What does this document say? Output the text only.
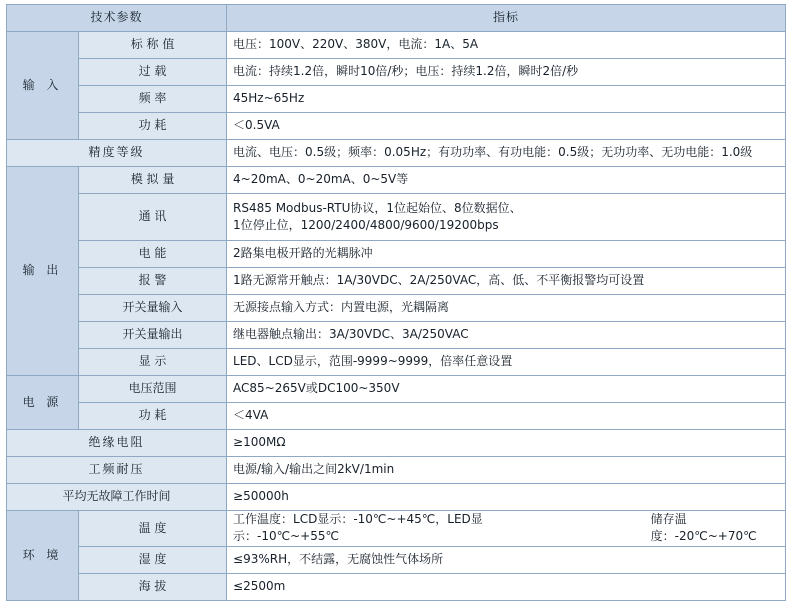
技术参数		指标
输 入	标 称 值	电压：100V、220V、380V，电流：1A、5A
	过 载	电流：持续1.2倍，瞬时10倍/秒；电压：持续1.2倍，瞬时2倍/秒
	频 率	45Hz~65Hz
	功 耗	＜0.5VA
精度等级		电流、电压：0.5级；频率：0.05Hz；有功功率、有功电能：0.5级；无功功率、无功电能：1.0级
输 出	模 拟 量	4~20mA、0~20mA、0~5V等
	通 讯	RS485 Modbus-RTU协议，1位起始位、8位数据位、
1位停止位，1200/2400/4800/9600/19200bps

	电 能	2路集电极开路的光耦脉冲
	报 警	1路无源常开触点：1A/30VDC、2A/250VAC，高、低、不平衡报警均可设置
	开关量输入	无源接点输入方式：内置电源，光耦隔离
	开关量输出	继电器触点输出：3A/30VDC、3A/250VAC
	显 示	LED、LCD显示，范围-9999~9999，倍率任意设置
电 源	电压范围	AC85~265V或DC100~350V
	功 耗	＜4VA
绝缘电阻		≥100MΩ
工频耐压		电源/输入/输出之间2kV/1min
平均无故障工作时间		≥50000h
环 境	温 度	工作温度：LCD显示：-10℃~+45℃，LED显示：-10℃~+55℃
储存温度：-20℃~+70℃

	湿 度	≤93%RH，不结露，无腐蚀性气体场所
	海 拔	≤2500m
